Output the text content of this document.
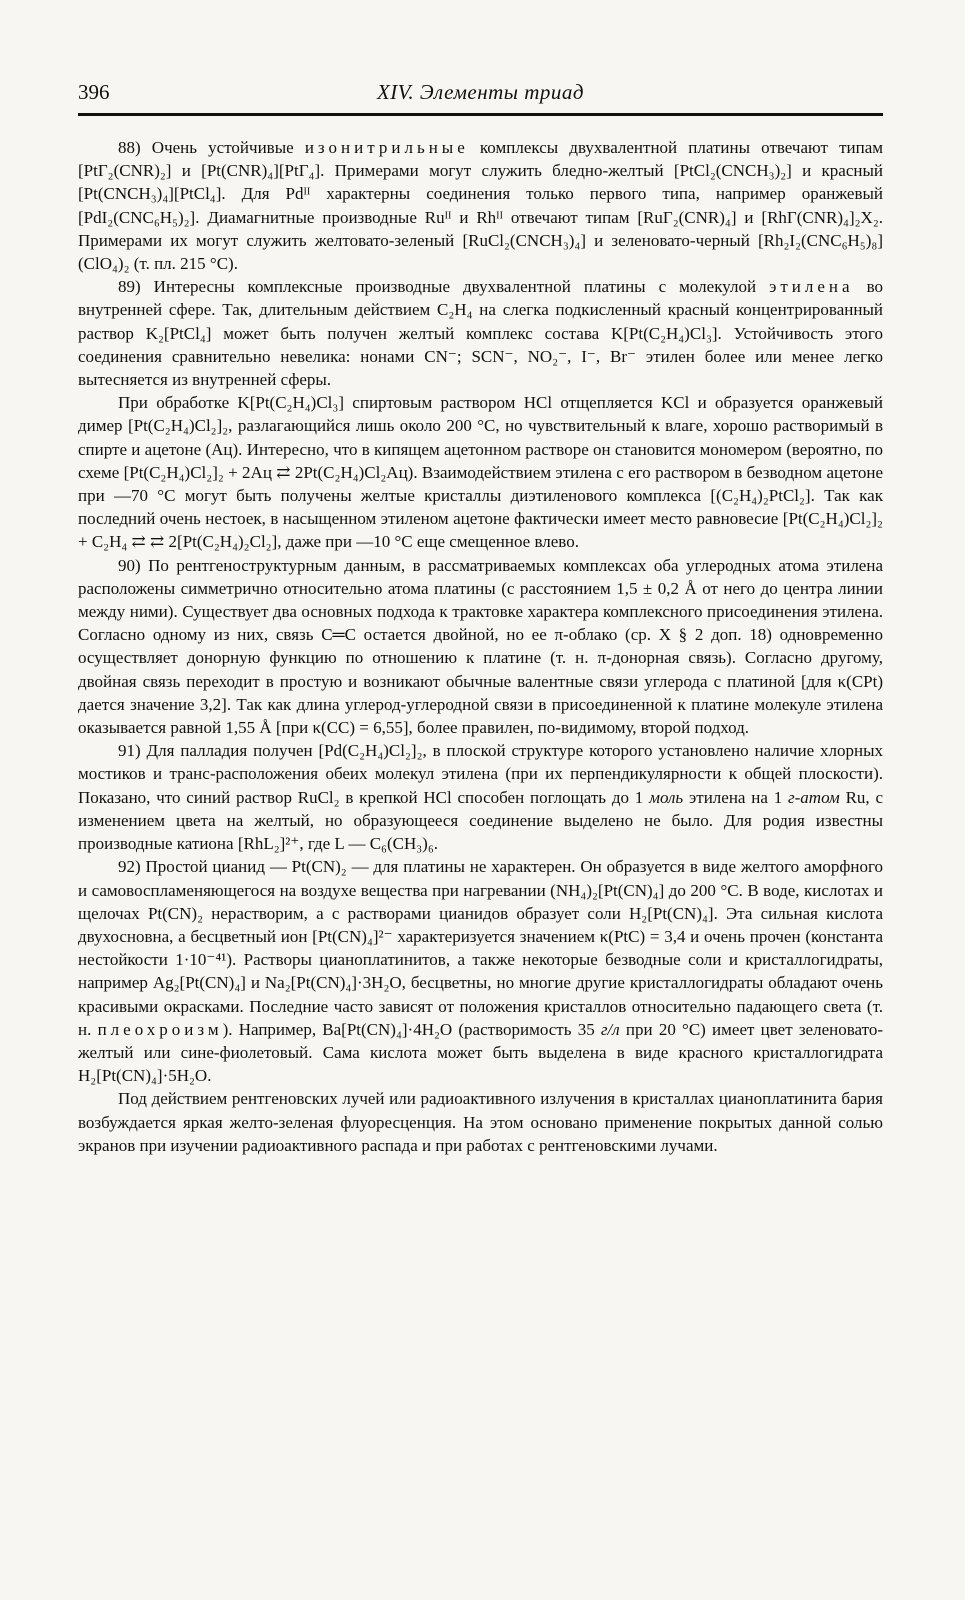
396	XIV. Элементы триад

88) Очень устойчивые изонитрильные комплексы двухвалентной платины отвечают типам [PtГ₂(CNR)₂] и [Pt(CNR)₄][PtГ₄]. Примерами могут служить бледно-желтый [PtCl₂(CNCH₃)₂] и красный [Pt(CNCH₃)₄][PtCl₄]. Для Pdᴵᴵ характерны соединения только первого типа, например оранжевый [PdI₂(CNC₆H₅)₂]. Диамагнитные производные Ruᴵᴵ и Rhᴵᴵ отвечают типам [RuГ₂(CNR)₄] и [RhГ(CNR)₄]₂X₂. Примерами их могут служить желтовато-зеленый [RuCl₂(CNCH₃)₄] и зеленовато-черный [Rh₂I₂(CNC₆H₅)₈](ClO₄)₂ (т. пл. 215 °С).

89) Интересны комплексные производные двухвалентной платины с молекулой этилена во внутренней сфере. Так, длительным действием C₂H₄ на слегка подкисленный красный концентрированный раствор K₂[PtCl₄] может быть получен желтый комплекс состава K[Pt(C₂H₄)Cl₃]. Устойчивость этого соединения сравнительно невелика: нонами CN⁻; SCN⁻, NO₂⁻, I⁻, Br⁻ этилен более или менее легко вытесняется из внутренней сферы.

При обработке K[Pt(C₂H₄)Cl₃] спиртовым раствором HCl отщепляется KCl и образуется оранжевый димер [Pt(C₂H₄)Cl₂]₂, разлагающийся лишь около 200 °С, но чувствительный к влаге, хорошо растворимый в спирте и ацетоне (Ац). Интересно, что в кипящем ацетонном растворе он становится мономером (вероятно, по схеме [Pt(C₂H₄)Cl₂]₂ + 2Ац ⇄ 2Pt(C₂H₄)Cl₂Ац). Взаимодействием этилена с его раствором в безводном ацетоне при —70 °С могут быть получены желтые кристаллы диэтиленового комплекса [(C₂H₄)₂PtCl₂]. Так как последний очень нестоек, в насыщенном этиленом ацетоне фактически имеет место равновесие [Pt(C₂H₄)Cl₂]₂ + C₂H₄ ⇄ ⇄ 2[Pt(C₂H₄)₂Cl₂], даже при —10 °С еще смещенное влево.

90) По рентгеноструктурным данным, в рассматриваемых комплексах оба углеродных атома этилена расположены симметрично относительно атома платины (с расстоянием 1,5 ± 0,2 Å от него до центра линии между ними). Существует два основных подхода к трактовке характера комплексного присоединения этилена. Согласно одному из них, связь C═C остается двойной, но ее π-облако (ср. X § 2 доп. 18) одновременно осуществляет донорную функцию по отношению к платине (т. н. π-донорная связь). Согласно другому, двойная связь переходит в простую и возникают обычные валентные связи углерода с платиной [для κ(CPt) дается значение 3,2]. Так как длина углерод-углеродной связи в присоединенной к платине молекуле этилена оказывается равной 1,55 Å [при κ(CC) = 6,55], более правилен, по-видимому, второй подход.

91) Для палладия получен [Pd(C₂H₄)Cl₂]₂, в плоской структуре которого установлено наличие хлорных мостиков и транс-расположения обеих молекул этилена (при их перпендикулярности к общей плоскости). Показано, что синий раствор RuCl₂ в крепкой HCl способен поглощать до 1 моль этилена на 1 г-атом Ru, с изменением цвета на желтый, но образующееся соединение выделено не было. Для родия известны производные катиона [RhL₂]²⁺, где L — C₆(CH₃)₆.

92) Простой цианид — Pt(CN)₂ — для платины не характерен. Он образуется в виде желтого аморфного и самовоспламеняющегося на воздухе вещества при нагревании (NH₄)₂[Pt(CN)₄] до 200 °С. В воде, кислотах и щелочах Pt(CN)₂ нерастворим, а с растворами цианидов образует соли H₂[Pt(CN)₄]. Эта сильная кислота двухосновна, а бесцветный ион [Pt(CN)₄]²⁻ характеризуется значением κ(PtC) = 3,4 и очень прочен (константа нестойкости 1·10⁻⁴¹). Растворы цианоплатинитов, а также некоторые безводные соли и кристаллогидраты, например Ag₂[Pt(CN)₄] и Na₂[Pt(CN)₄]·3H₂O, бесцветны, но многие другие кристаллогидраты обладают очень красивыми окрасками. Последние часто зависят от положения кристаллов относительно падающего света (т. н. плеохроизм). Например, Ba[Pt(CN)₄]·4H₂O (растворимость 35 г/л при 20 °С) имеет цвет зеленовато-желтый или сине-фиолетовый. Сама кислота может быть выделена в виде красного кристаллогидрата H₂[Pt(CN)₄]·5H₂O.

Под действием рентгеновских лучей или радиоактивного излучения в кристаллах цианоплатинита бария возбуждается яркая желто-зеленая флуоресценция. На этом основано применение покрытых данной солью экранов при изучении радиоактивного распада и при работах с рентгеновскими лучами.
